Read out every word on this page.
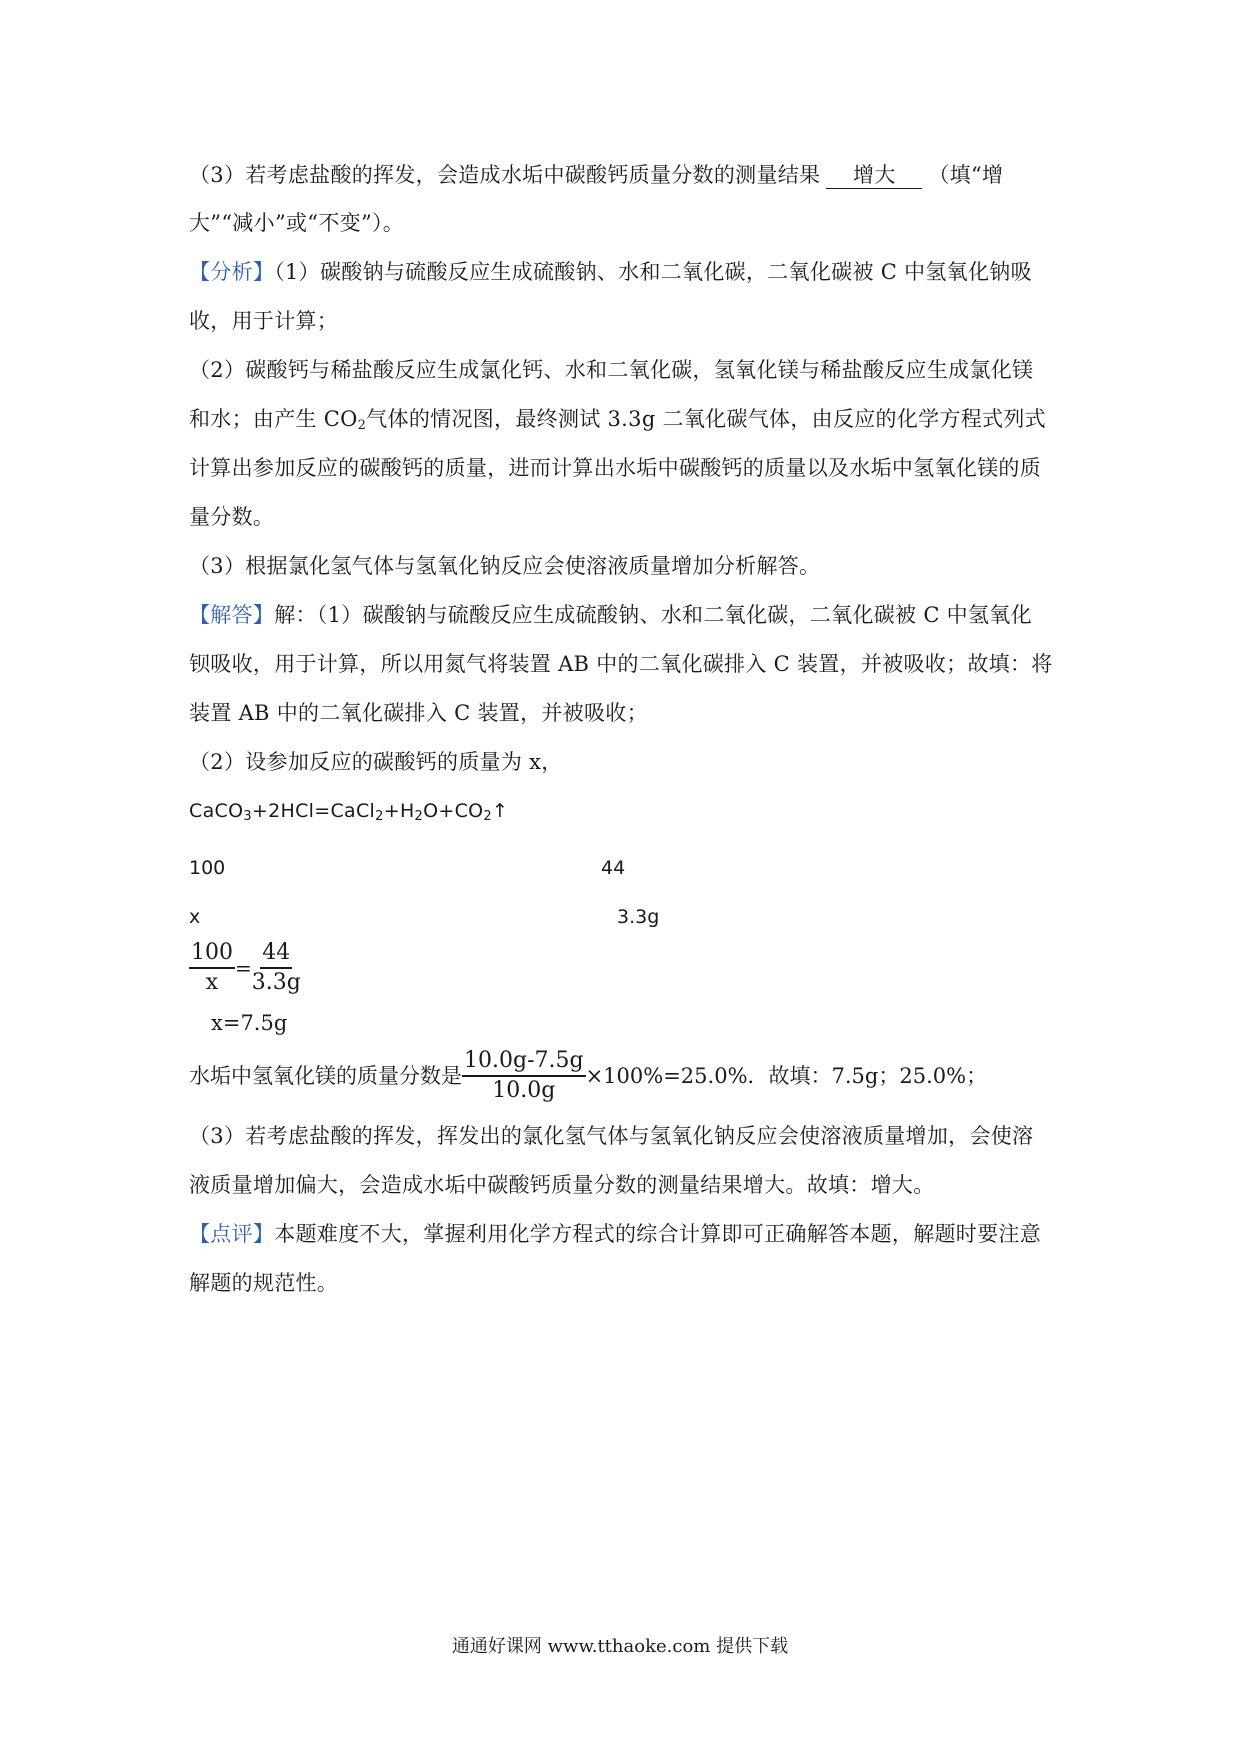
（3）若考虑盐酸的挥发，会造成水垢中碳酸钙质量分数的测量结果 增大 （填“增
大”“减小”或“不变”）。
【分析】（1）碳酸钠与硫酸反应生成硫酸钠、水和二氧化碳，二氧化碳被 C 中氢氧化钠吸
收，用于计算；
（2）碳酸钙与稀盐酸反应生成氯化钙、水和二氧化碳，氢氧化镁与稀盐酸反应生成氯化镁
和水；由产生 $CO_2$气体的情况图，最终测试 3.3g 二氧化碳气体，由反应的化学方程式列式
计算出参加反应的碳酸钙的质量，进而计算出水垢中碳酸钙的质量以及水垢中氢氧化镁的质
量分数。
（3）根据氯化氢气体与氢氧化钠反应会使溶液质量增加分析解答。
【解答】解：（1）碳酸钠与硫酸反应生成硫酸钠、水和二氧化碳，二氧化碳被 C 中氢氧化
钡吸收，用于计算，所以用氮气将装置 AB 中的二氧化碳排入 C 装置，并被吸收；故填：将
装置 AB 中的二氧化碳排入 C 装置，并被吸收；
（2）设参加反应的碳酸钙的质量为 x，
$CaCO_3+2HCl=CaCl_2+H_2O+CO_2↑$
100	44
x	3.3g
$\frac{100}{x} = \frac{44}{3.3g}$
x=7.5g
水垢中氢氧化镁的质量分数是 $\frac{10.0g-7.5g}{10.0g} \times 100\%=25.0\%$．故填：7.5g；25.0%；
（3）若考虑盐酸的挥发，挥发出的氯化氢气体与氢氧化钠反应会使溶液质量增加，会使溶
液质量增加偏大，会造成水垢中碳酸钙质量分数的测量结果增大。故填：增大。
【点评】本题难度不大，掌握利用化学方程式的综合计算即可正确解答本题，解题时要注意
解题的规范性。
通通好课网 www.tthaoke.com 提供下载
